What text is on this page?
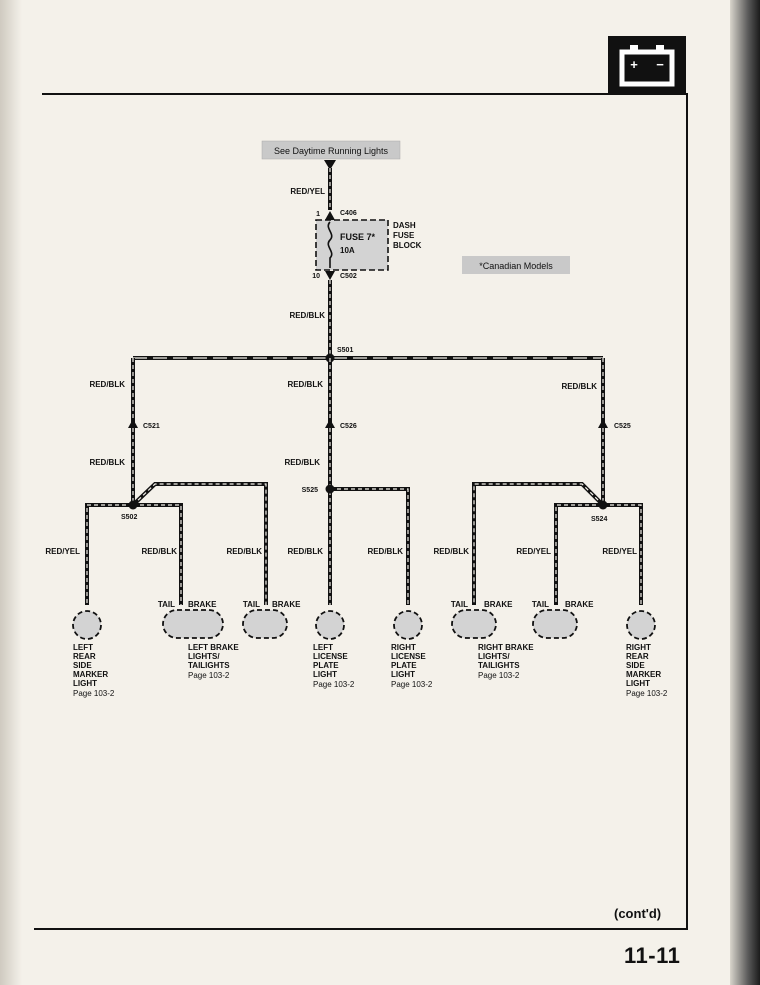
+ −
See Daytime Running Lights
*Canadian Models
RED/YEL
1	C406
FUSE 7*
10A
DASH
FUSE
BLOCK
10	C502
RED/BLK
S501
RED/BLK
C521
RED/BLK
RED/BLK
C526
RED/BLK
RED/BLK
C525
S502
S525
S524
RED/YEL	RED/BLK	RED/BLK	RED/BLK	RED/BLK	RED/BLK	RED/YEL	RED/YEL
TAIL BRAKE	TAIL BRAKE	TAIL BRAKE TAIL BRAKE
LEFT
REAR
SIDE
MARKER
LIGHT
Page 103-2
LEFT BRAKE
LIGHTS/
TAILIGHTS
Page 103-2
LEFT
LICENSE
PLATE
LIGHT
Page 103-2
RIGHT
LICENSE
PLATE
LIGHT
Page 103-2
RIGHT BRAKE
LIGHTS/
TAILIGHTS
Page 103-2
RIGHT
REAR
SIDE
MARKER
LIGHT
Page 103-2
(cont'd)
11-11
